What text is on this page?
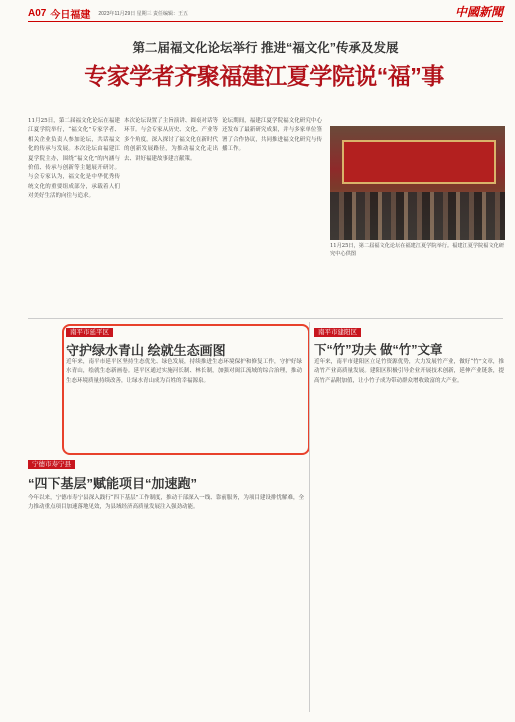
A07 今日福建 2023年11月29日 星期三 责任编辑：王五	中國新聞
第二届福文化论坛举行 推进“福文化”传承及发展
专家学者齐聚福建江夏学院说“福”事
11月25日，第二届福文化论坛在福建江夏学院举行，“福文化”专家学者、相关企业负责人参加论坛，共话福文化的传承与发展。本次论坛由福建江夏学院主办，围绕“福文化”的内涵与价值、传承与创新等主题展开研讨。与会专家认为，福文化是中华优秀传统文化的重要组成部分，承载着人们对美好生活的向往与追求。
本次论坛设置了主旨演讲、圆桌对话等环节。与会专家从历史、文化、产业等多个角度，深入探讨了福文化在新时代的创新发展路径，为推动福文化走出去、讲好福建故事建言献策。
论坛期间，福建江夏学院福文化研究中心还发布了最新研究成果，并与多家单位签署了合作协议，共同推进福文化研究与传播工作。
11月25日，第二届福文化论坛在福建江夏学院举行。福建江夏学院福文化研究中心供图
南平市延平区
守护绿水青山 绘就生态画图
近年来，南平市延平区坚持生态优先、绿色发展，持续推进生态环境保护和修复工作，守护好绿水青山，绘就生态新画卷。延平区通过实施河长制、林长制，加强对闽江流域的综合治理，推动生态环境质量持续改善，让绿水青山成为百姓的幸福源泉。
南平市建阳区
下“竹”功夫 做“竹”文章
近年来，南平市建阳区立足竹资源优势，大力发展竹产业，做好“竹”文章，推动竹产业高质量发展。建阳区积极引导企业开展技术创新，延伸产业链条，提高竹产品附加值，让小竹子成为带动群众增收致富的大产业。
宁德市寿宁县
“四下基层”赋能项目“加速跑”
今年以来，宁德市寿宁县深入践行“四下基层”工作制度，推动干部深入一线、靠前服务，为项目建设排忧解难，全力推动重点项目加速落地见效，为县域经济高质量发展注入强劲动能。
